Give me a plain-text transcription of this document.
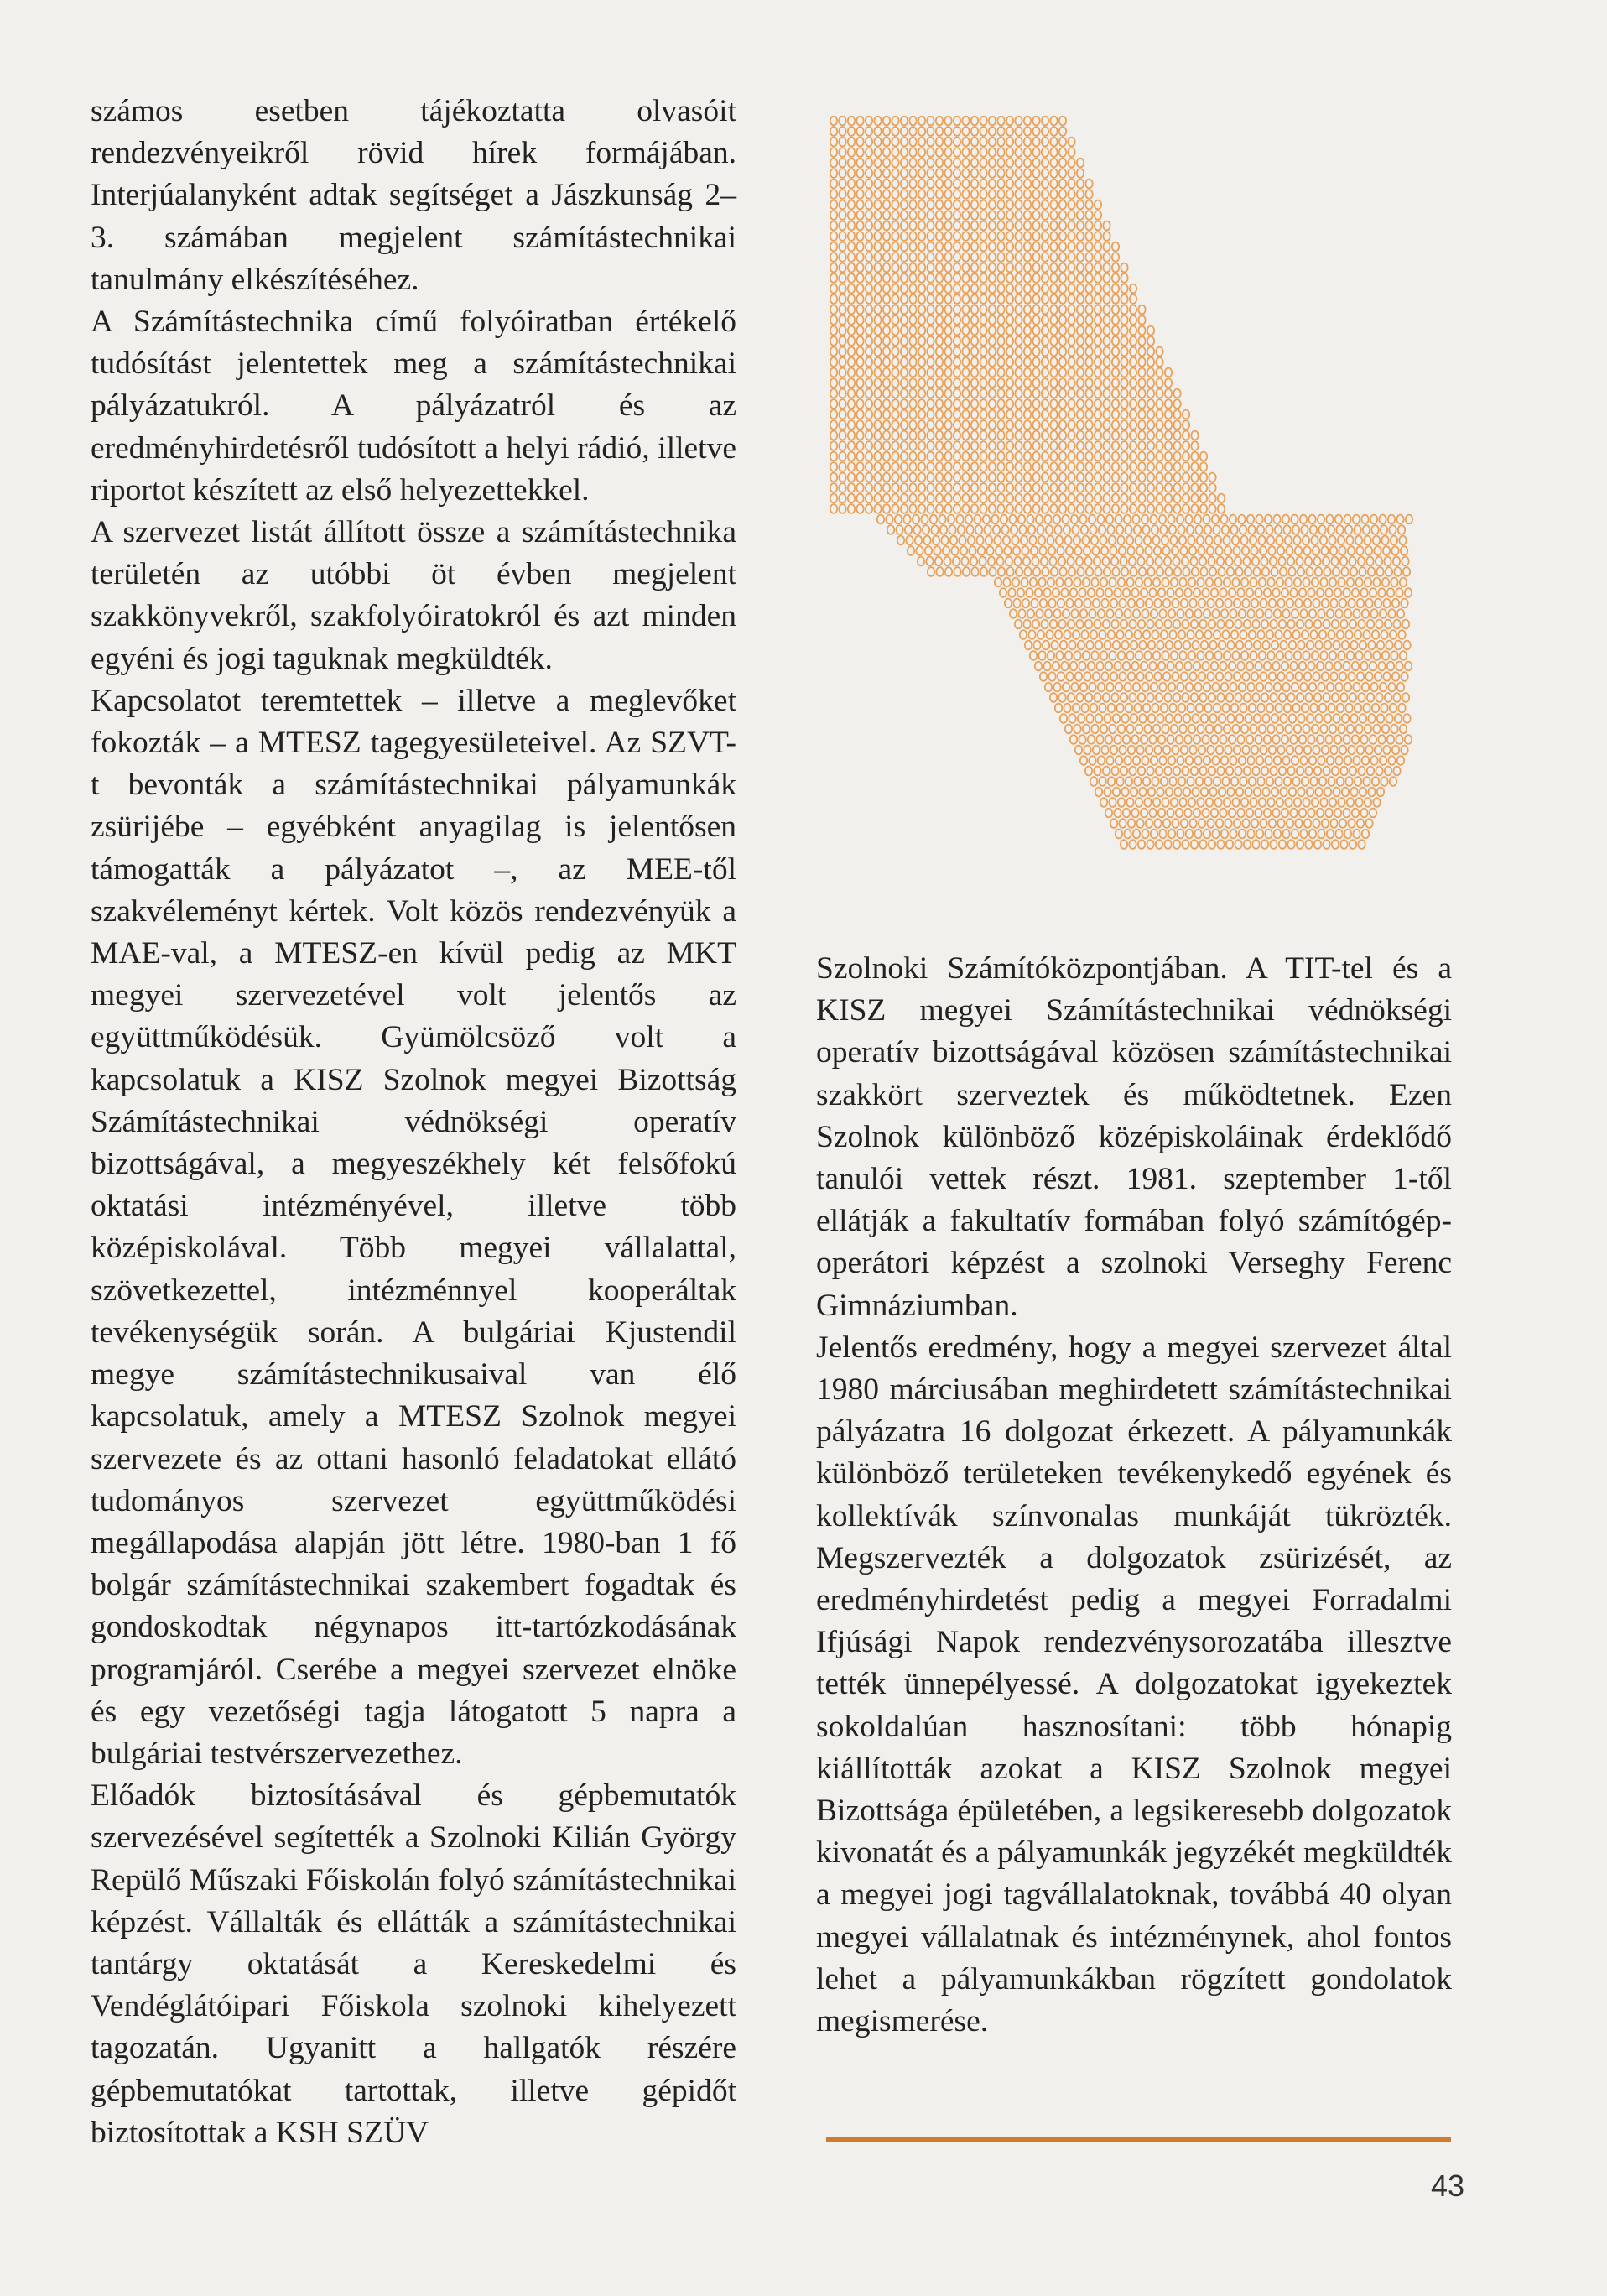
számos esetben tájékoztatta olvasóit rendezvényeikről rövid hírek formájában. Interjúalanyként adtak segítséget a Jászkunság 2–3. számában megjelent számítástechnikai tanulmány elkészítéséhez.

A Számítástechnika című folyóiratban értékelő tudósítást jelentettek meg a számítástechnikai pályázatukról. A pályázatról és az eredményhirdetésről tudósított a helyi rádió, illetve riportot készített az első helyezettekkel.

A szervezet listát állított össze a számítástechnika területén az utóbbi öt évben megjelent szakkönyvekről, szakfolyóiratokról és azt minden egyéni és jogi taguknak megküldték.

Kapcsolatot teremtettek – illetve a meglevőket fokozták – a MTESZ tagegyesületeivel. Az SZVT-t bevonták a számítástechnikai pályamunkák zsürijébe – egyébként anyagilag is jelentősen támogatták a pályázatot –, az MEE-től szakvéleményt kértek. Volt közös rendezvényük a MAE-val, a MTESZ-en kívül pedig az MKT megyei szervezetével volt jelentős az együttműködésük. Gyümölcsöző volt a kapcsolatuk a KISZ Szolnok megyei Bizottság Számítástechnikai védnökségi operatív bizottságával, a megyeszékhely két felsőfokú oktatási intézményével, illetve több középiskolával. Több megyei vállalattal, szövetkezettel, intézménnyel kooperáltak tevékenységük során. A bulgáriai Kjustendil megye számítástechnikusaival van élő kapcsolatuk, amely a MTESZ Szolnok megyei szervezete és az ottani hasonló feladatokat ellátó tudományos szervezet együttműködési megállapodása alapján jött létre. 1980-ban 1 fő bolgár számítástechnikai szakembert fogadtak és gondoskodtak négynapos itt-tartózkodásának programjáról. Cserébe a megyei szervezet elnöke és egy vezetőségi tagja látogatott 5 napra a bulgáriai testvérszervezethez.

Előadók biztosításával és gépbemutatók szervezésével segítették a Szolnoki Kilián György Repülő Műszaki Főiskolán folyó számítástechnikai képzést. Vállalták és ellátták a számítástechnikai tantárgy oktatását a Kereskedelmi és Vendéglátóipari Főiskola szolnoki kihelyezett tagozatán. Ugyanitt a hallgatók részére gépbemutatókat tartottak, illetve gépidőt biztosítottak a KSH SZÜV

Szolnoki Számítóközpontjában. A TIT-tel és a KISZ megyei Számítástechnikai védnökségi operatív bizottságával közösen számítástechnikai szakkört szerveztek és működtetnek. Ezen Szolnok különböző középiskoláinak érdeklődő tanulói vettek részt. 1981. szeptember 1-től ellátják a fakultatív formában folyó számítógép-operátori képzést a szolnoki Verseghy Ferenc Gimnáziumban.

Jelentős eredmény, hogy a megyei szervezet által 1980 márciusában meghirdetett számítástechnikai pályázatra 16 dolgozat érkezett. A pályamunkák különböző területeken tevékenykedő egyének és kollektívák színvonalas munkáját tükrözték. Megszervezték a dolgozatok zsürizését, az eredményhirdetést pedig a megyei Forradalmi Ifjúsági Napok rendezvénysorozatába illesztve tették ünnepélyessé. A dolgozatokat igyekeztek sokoldalúan hasznosítani: több hónapig kiállították azokat a KISZ Szolnok megyei Bizottsága épületében, a legsikeresebb dolgozatok kivonatát és a pályamunkák jegyzékét megküldték a megyei jogi tagvállalatoknak, továbbá 40 olyan megyei vállalatnak és intézménynek, ahol fontos lehet a pályamunkákban rögzített gondolatok megismerése.

43
